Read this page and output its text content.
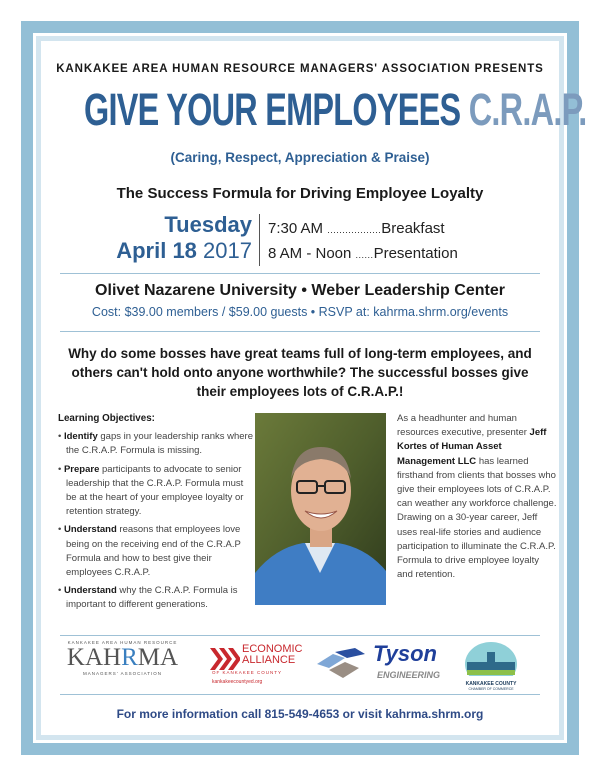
KANKAKEE AREA HUMAN RESOURCE MANAGERS' ASSOCIATION PRESENTS
GIVE YOUR EMPLOYEES C.R.A.P.
(Caring, Respect, Appreciation & Praise)
The Success Formula for Driving Employee Loyalty
Tuesday
April 18 2017
7:30 AM ..................Breakfast
8 AM - Noon ......Presentation
Olivet Nazarene University • Weber Leadership Center
Cost: $39.00 members / $59.00 guests • RSVP at: kahrma.shrm.org/events
Why do some bosses have great teams full of long-term employees, and others can't hold onto anyone worthwhile? The successful bosses give their employees lots of C.R.A.P.!
Learning Objectives:
• Identify gaps in your leadership ranks where the C.R.A.P. Formula is missing.
• Prepare participants to advocate to senior leadership that the C.R.A.P. Formula must be at the heart of your employee loyalty or retention strategy.
• Understand reasons that employees love being on the receiving end of the C.R.A.P Formula and how to best give their employees C.R.A.P.
• Understand why the C.R.A.P. Formula is important to different generations.
As a headhunter and human resources executive, presenter Jeff Kortes of Human Asset Management LLC has learned firsthand from clients that bosses who give their employees lots of C.R.A.P. can weather any workforce challenge. Drawing on a 30-year career, Jeff uses real-life stories and audience participation to illuminate the C.R.A.P. Formula to drive employee loyalty and retention.
KANKAKEE AREA HUMAN RESOURCE
KAHRMA
MANAGERS' ASSOCIATION
ECONOMIC
ALLIANCE
OF KANKAKEE COUNTY
kankakeecountyed.org
Tyson
ENGINEERING
KANKAKEE COUNTY
CHAMBER OF COMMERCE
For more information call 815-549-4653 or visit kahrma.shrm.org
